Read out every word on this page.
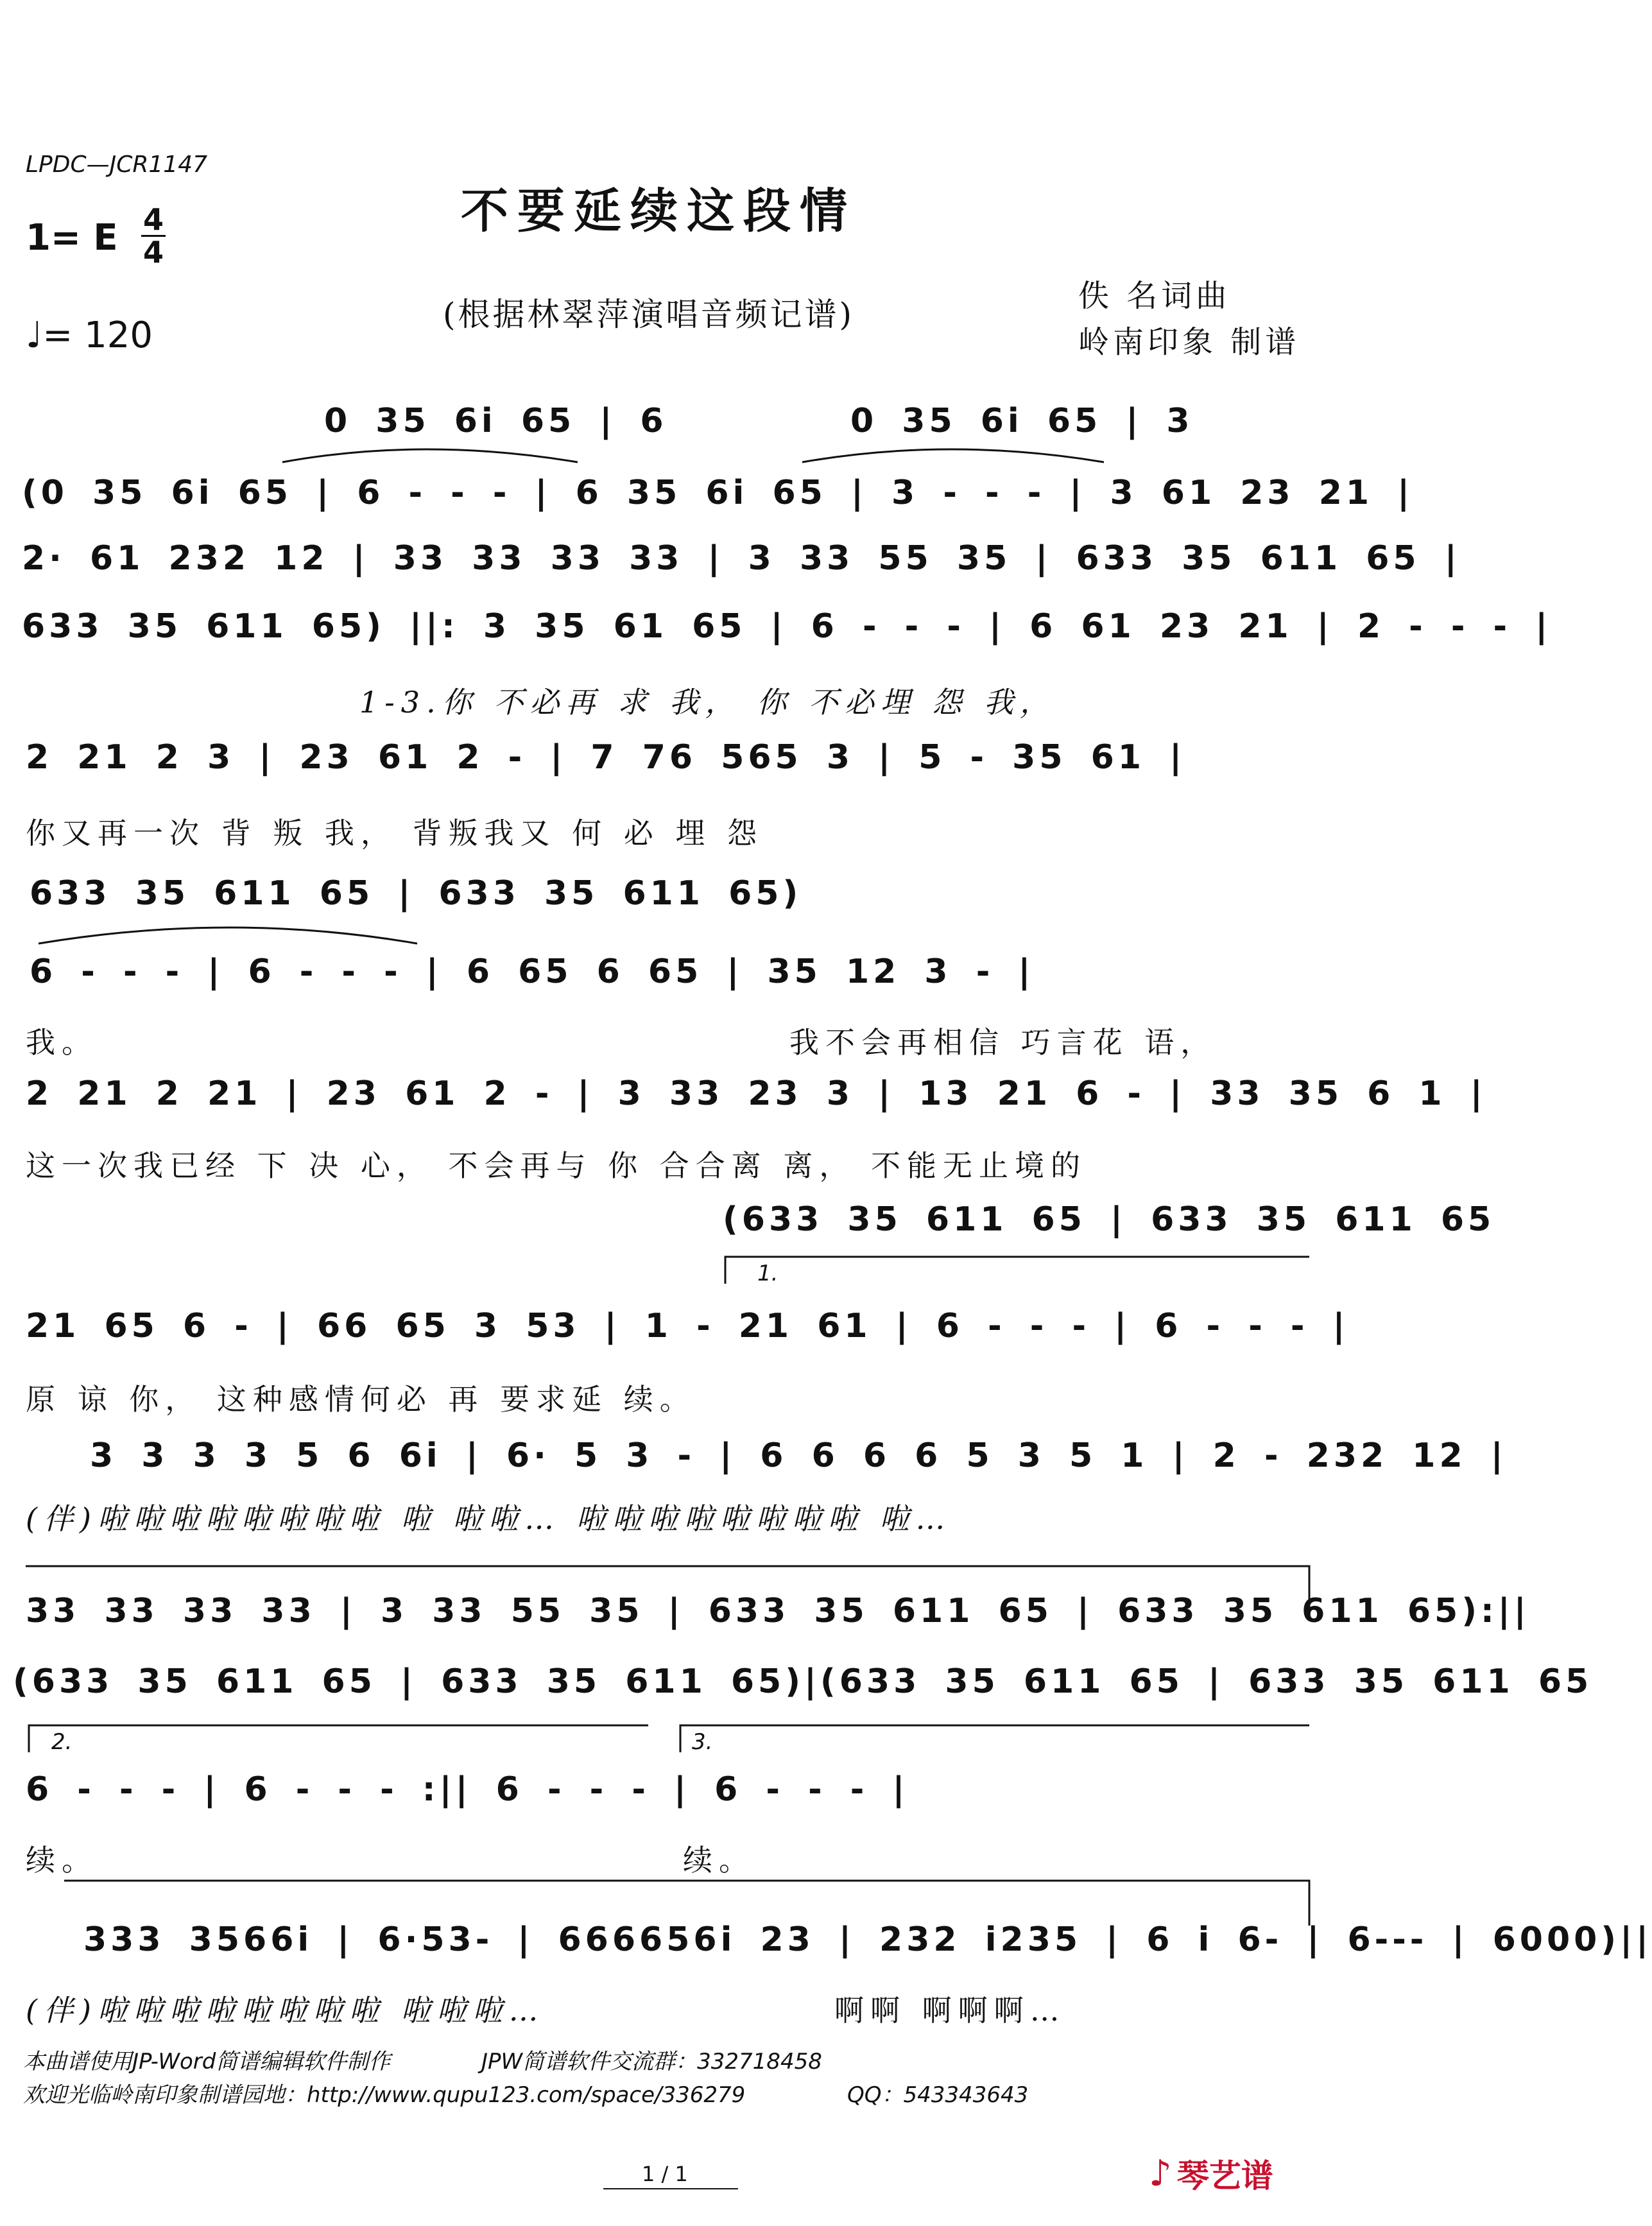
LPDC—JCR1147
不要延续这段情
(根据林翠萍演唱音频记谱)
1= E 4
4
♩= 120
佚 名词曲
岭南印象 制谱
0 35 6i 65 | 6	0 35 6i 65 | 3
(0 35 6i 65 | 6 - - - | 6 35 6i 65 | 3 - - - | 3 61 23 21 |
2· 61 232 12 | 33 33 33 33 | 3 33 55 35 | 633 35 611 65 |
633 35 611 65) ||: 3 35 61 65 | 6 - - - | 6 61 23 21 | 2 - - - |
1-3.你 不必再 求 我， 你 不必埋 怨 我，
2 21 2 3 | 23 61 2 - | 7 76 565 3 | 5 - 35 61 |
你又再一次 背 叛 我， 背叛我又 何 必 埋 怨
633 35 611 65 | 633 35 611 65)
6 - - - | 6 - - - | 6 65 6 65 | 35 12 3 - |
我。	我不会再相信 巧言花 语，
2 21 2 21 | 23 61 2 - | 3 33 23 3 | 13 21 6 - | 33 35 6 1 |
这一次我已经 下 决 心， 不会再与 你 合合离 离， 不能无止境的
(633 35 611 65 | 633 35 611 65
1.
21 65 6 - | 66 65 3 53 | 1 - 21 61 | 6 - - - | 6 - - - |
原 谅 你， 这种感情何必 再 要求延 续。
3 3 3 3 5 6 6i | 6· 5 3 - | 6 6 6 6 5 3 5 1 | 2 - 232 12 |
(伴)啦啦啦啦啦啦啦啦 啦 啦啦… 啦啦啦啦啦啦啦啦 啦…
33 33 33 33 | 3 33 55 35 | 633 35 611 65 | 633 35 611 65):||
(633 35 611 65 | 633 35 611 65)|(633 35 611 65 | 633 35 611 65
2.	3.
6 - - - | 6 - - - :|| 6 - - - | 6 - - - |
续。	续。
333 3566i | 6·53- | 666656i 23 | 232 i235 | 6 i 6- | 6--- | 6000)||
(伴)啦啦啦啦啦啦啦啦 啦啦啦…	啊啊 啊啊啊…
本曲谱使用JP-Word简谱编辑软件制作	JPW简谱软件交流群：332718458
欢迎光临岭南印象制谱园地：http://www.qupu123.com/space/336279	QQ：543343643
1 / 1	♪ 琴艺谱
